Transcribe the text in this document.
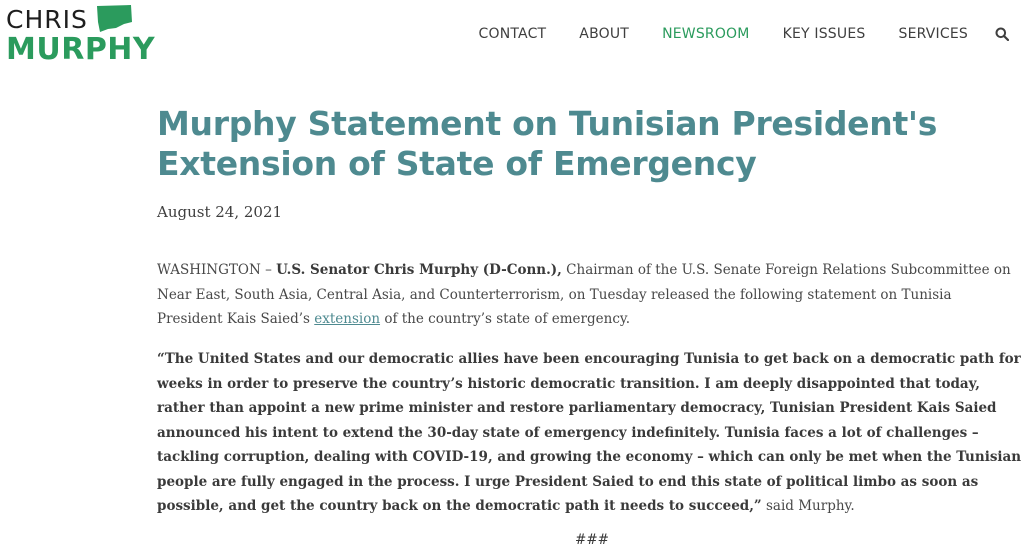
CHRIS
MURPHY	CONTACT ABOUT NEWSROOM KEY ISSUES SERVICES
Murphy Statement on Tunisian President's Extension of State of Emergency
August 24, 2021

WASHINGTON – U.S. Senator Chris Murphy (D-Conn.), Chairman of the U.S. Senate Foreign Relations Subcommittee on Near East, South Asia, Central Asia, and Counterterrorism, on Tuesday released the following statement on Tunisia President Kais Saied’s extension of the country’s state of emergency.

“The United States and our democratic allies have been encouraging Tunisia to get back on a democratic path for weeks in order to preserve the country’s historic democratic transition. I am deeply disappointed that today, rather than appoint a new prime minister and restore parliamentary democracy, Tunisian President Kais Saied announced his intent to extend the 30-day state of emergency indefinitely. Tunisia faces a lot of challenges – tackling corruption, dealing with COVID-19, and growing the economy – which can only be met when the Tunisian people are fully engaged in the process. I urge President Saied to end this state of political limbo as soon as possible, and get the country back on the democratic path it needs to succeed,” said Murphy.

###
